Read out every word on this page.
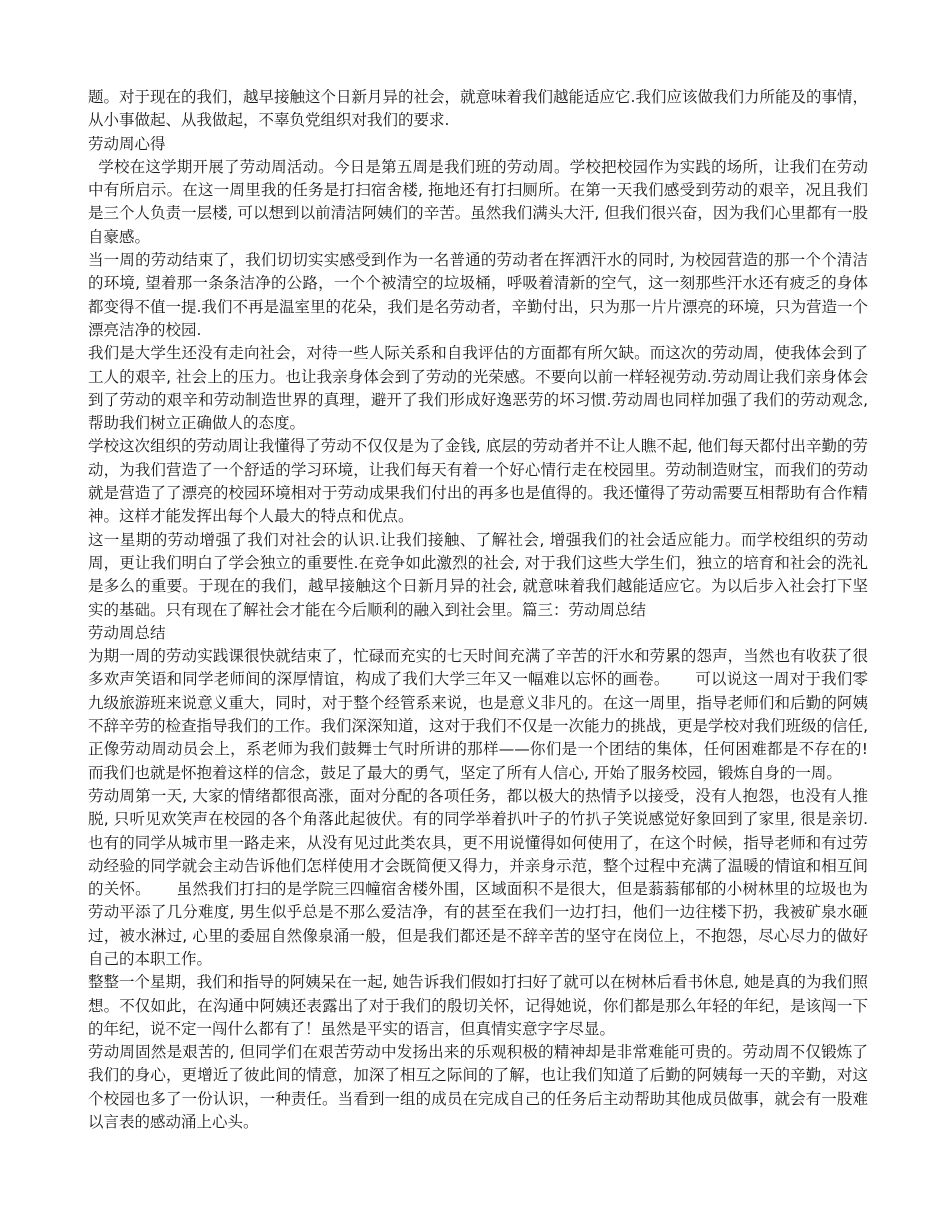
题。对于现在的我们，越早接触这个日新月异的社会，就意味着我们越能适应它.我们应该做我们力所能及的事情，从小事做起、从我做起，不辜负党组织对我们的要求.

劳动周心得

学校在这学期开展了劳动周活动。今日是第五周是我们班的劳动周。学校把校园作为实践的场所，让我们在劳动中有所启示。在这一周里我的任务是打扫宿舍楼, 拖地还有打扫厕所。在第一天我们感受到劳动的艰辛，况且我们是三个人负责一层楼, 可以想到以前清洁阿姨们的辛苦。虽然我们满头大汗, 但我们很兴奋，因为我们心里都有一股自豪感。

当一周的劳动结束了，我们切切实实感受到作为一名普通的劳动者在挥洒汗水的同时, 为校园营造的那一个个清洁的环境, 望着那一条条洁净的公路，一个个被清空的垃圾桶，呼吸着清新的空气，这一刻那些汗水还有疲乏的身体都变得不值一提.我们不再是温室里的花朵，我们是名劳动者，辛勤付出，只为那一片片漂亮的环境，只为营造一个漂亮洁净的校园.

我们是大学生还没有走向社会，对待一些人际关系和自我评估的方面都有所欠缺。而这次的劳动周，使我体会到了工人的艰辛, 社会上的压力。也让我亲身体会到了劳动的光荣感。不要向以前一样轻视劳动.劳动周让我们亲身体会到了劳动的艰辛和劳动制造世界的真理，避开了我们形成好逸恶劳的坏习惯.劳动周也同样加强了我们的劳动观念, 帮助我们树立正确做人的态度。

学校这次组织的劳动周让我懂得了劳动不仅仅是为了金钱, 底层的劳动者并不让人瞧不起, 他们每天都付出辛勤的劳动，为我们营造了一个舒适的学习环境，让我们每天有着一个好心情行走在校园里。劳动制造财宝，而我们的劳动就是营造了了漂亮的校园环境相对于劳动成果我们付出的再多也是值得的。我还懂得了劳动需要互相帮助有合作精神。这样才能发挥出每个人最大的特点和优点。

这一星期的劳动增强了我们对社会的认识.让我们接触、了解社会, 增强我们的社会适应能力。而学校组织的劳动周，更让我们明白了学会独立的重要性.在竞争如此激烈的社会, 对于我们这些大学生们，独立的培育和社会的洗礼是多么的重要。于现在的我们，越早接触这个日新月异的社会, 就意味着我们越能适应它。为以后步入社会打下坚实的基础。只有现在了解社会才能在今后顺利的融入到社会里。篇三：劳动周总结

劳动周总结

为期一周的劳动实践课很快就结束了，忙碌而充实的七天时间充满了辛苦的汗水和劳累的怨声，当然也有收获了很多欢声笑语和同学老师间的深厚情谊，构成了我们大学三年又一幅难以忘怀的画卷。     可以说这一周对于我们零九级旅游班来说意义重大，同时，对于整个经管系来说，也是意义非凡的。在这一周里，指导老师们和后勤的阿姨不辞辛劳的检查指导我们的工作。我们深深知道，这对于我们不仅是一次能力的挑战，更是学校对我们班级的信任, 正像劳动周动员会上，系老师为我们鼓舞士气时所讲的那样——你们是一个团结的集体，任何困难都是不存在的! 而我们也就是怀抱着这样的信念，鼓足了最大的勇气，坚定了所有人信心, 开始了服务校园，锻炼自身的一周。

劳动周第一天, 大家的情绪都很高涨，面对分配的各项任务，都以极大的热情予以接受，没有人抱怨，也没有人推脱, 只听见欢笑声在校园的各个角落此起彼伏。有的同学举着扒叶子的竹扒子笑说感觉好象回到了家里, 很是亲切.也有的同学从城市里一路走来，从没有见过此类农具，更不用说懂得如何使用了，在这个时候，指导老师和有过劳动经验的同学就会主动告诉他们怎样使用才会既简便又得力，并亲身示范，整个过程中充满了温暖的情谊和相互间的关怀。     虽然我们打扫的是学院三四幢宿舍楼外围，区域面积不是很大，但是蓊蓊郁郁的小树林里的垃圾也为劳动平添了几分难度, 男生似乎总是不那么爱洁净，有的甚至在我们一边打扫，他们一边往楼下扔，我被矿泉水砸过，被水淋过, 心里的委屈自然像泉涌一般，但是我们都还是不辞辛苦的坚守在岗位上，不抱怨，尽心尽力的做好自己的本职工作。

整整一个星期，我们和指导的阿姨呆在一起, 她告诉我们假如打扫好了就可以在树林后看书休息, 她是真的为我们照想。不仅如此，在沟通中阿姨还表露出了对于我们的殷切关怀，记得她说，你们都是那么年轻的年纪，是该闯一下的年纪，说不定一闯什么都有了！虽然是平实的语言，但真情实意字字尽显。

劳动周固然是艰苦的, 但同学们在艰苦劳动中发扬出来的乐观积极的精神却是非常难能可贵的。劳动周不仅锻炼了我们的身心，更增近了彼此间的情意，加深了相互之际间的了解，也让我们知道了后勤的阿姨每一天的辛勤，对这个校园也多了一份认识，一种责任。当看到一组的成员在完成自己的任务后主动帮助其他成员做事，就会有一股难以言表的感动涌上心头。
